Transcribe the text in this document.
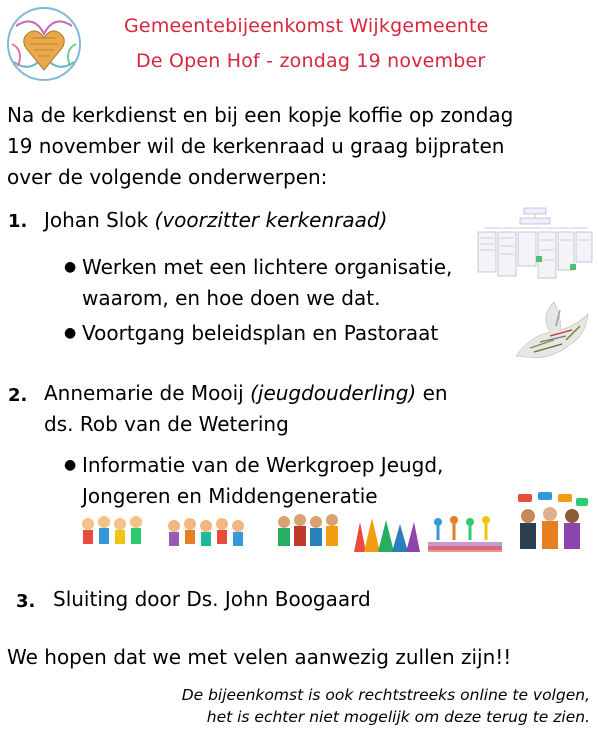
Gemeentebijeenkomst Wijkgemeente
De Open Hof - zondag 19 november
Na de kerkdienst en bij een kopje koffie op zondag
19 november wil de kerkenraad u graag bijpraten
over de volgende onderwerpen:
1. Johan Slok (voorzitter kerkenraad)
● Werken met een lichtere organisatie,
waarom, en hoe doen we dat.
● Voortgang beleidsplan en Pastoraat
2. Annemarie de Mooij (jeugdouderling) en
ds. Rob van de Wetering
● Informatie van de Werkgroep Jeugd,
Jongeren en Middengeneratie
3. Sluiting door Ds. John Boogaard
We hopen dat we met velen aanwezig zullen zijn!!
De bijeenkomst is ook rechtstreeks online te volgen,
het is echter niet mogelijk om deze terug te zien.
